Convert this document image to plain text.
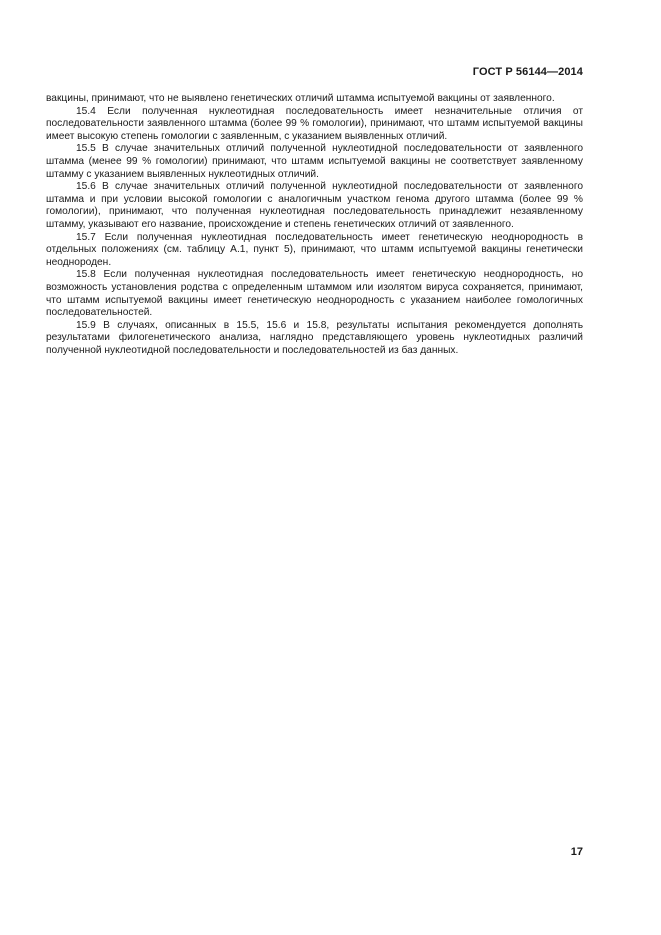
ГОСТ Р 56144—2014

вакцины, принимают, что не выявлено генетических отличий штамма испытуемой вакцины от заявленного.

15.4 Если полученная нуклеотидная последовательность имеет незначительные отличия от последовательности заявленного штамма (более 99 % гомологии), принимают, что штамм испытуемой вакцины имеет высокую степень гомологии с заявленным, с указанием выявленных отличий.

15.5 В случае значительных отличий полученной нуклеотидной последовательности от заявленного штамма (менее 99 % гомологии) принимают, что штамм испытуемой вакцины не соответствует заявленному штамму с указанием выявленных нуклеотидных отличий.

15.6 В случае значительных отличий полученной нуклеотидной последовательности от заявленного штамма и при условии высокой гомологии с аналогичным участком генома другого штамма (более 99 % гомологии), принимают, что полученная нуклеотидная последовательность принадлежит незаявленному штамму, указывают его название, происхождение и степень генетических отличий от заявленного.

15.7 Если полученная нуклеотидная последовательность имеет генетическую неоднородность в отдельных положениях (см. таблицу А.1, пункт 5), принимают, что штамм испытуемой вакцины генетически неоднороден.

15.8 Если полученная нуклеотидная последовательность имеет генетическую неоднородность, но возможность установления родства с определенным штаммом или изолятом вируса сохраняется, принимают, что штамм испытуемой вакцины имеет генетическую неоднородность с указанием наиболее гомологичных последовательностей.

15.9 В случаях, описанных в 15.5, 15.6 и 15.8, результаты испытания рекомендуется дополнять результатами филогенетического анализа, наглядно представляющего уровень нуклеотидных различий полученной нуклеотидной последовательности и последовательностей из баз данных.

17
